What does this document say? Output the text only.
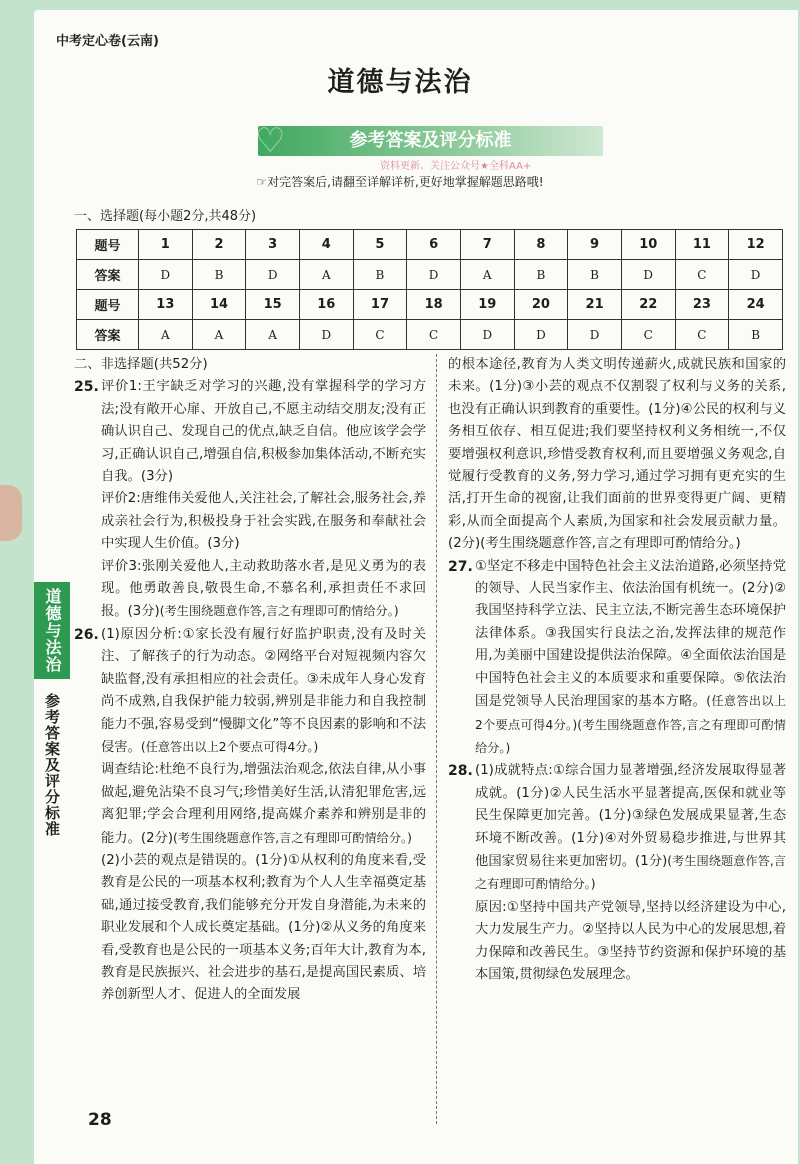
中考定心卷(云南)
道德与法治
参考答案及评分标准
♡
资料更新、关注公众号★全科AA+
☞对完答案后,请翻至详解详析,更好地掌握解题思路哦!
一、选择题(每小题2分,共48分)
题号	1	2	3	4	5	6	7	8	9	10	11	12
答案	D	B	D	A	B	D	A	B	B	D	C	D
题号	13	14	15	16	17	18	19	20	21	22	23	24
答案	A	A	A	D	C	C	D	D	D	C	C	B
二、非选择题(共52分)
25. 评价1:王宇缺乏对学习的兴趣,没有掌握科学的学习方法;没有敞开心扉、开放自己,不愿主动结交朋友;没有正确认识自己、发现自己的优点,缺乏自信。他应该学会学习,正确认识自己,增强自信,积极参加集体活动,不断充实自我。(3分)
评价2:唐维伟关爱他人,关注社会,了解社会,服务社会,养成亲社会行为,积极投身于社会实践,在服务和奉献社会中实现人生价值。(3分)
评价3:张刚关爱他人,主动救助落水者,是见义勇为的表现。他勇敢善良,敬畏生命,不慕名利,承担责任不求回报。(3分)(考生围绕题意作答,言之有理即可酌情给分。)
26. (1)原因分析:①家长没有履行好监护职责,没有及时关注、了解孩子的行为动态。②网络平台对短视频内容欠缺监督,没有承担相应的社会责任。③未成年人身心发育尚不成熟,自我保护能力较弱,辨别是非能力和自我控制能力不强,容易受到“慢脚文化”等不良因素的影响和不法侵害。(任意答出以上2个要点可得4分。)
调查结论:杜绝不良行为,增强法治观念,依法自律,从小事做起,避免沾染不良习气;珍惜美好生活,认清犯罪危害,远离犯罪;学会合理利用网络,提高媒介素养和辨别是非的能力。(2分)(考生围绕题意作答,言之有理即可酌情给分。)
(2)小芸的观点是错误的。(1分)①从权利的角度来看,受教育是公民的一项基本权利;教育为个人人生幸福奠定基础,通过接受教育,我们能够充分开发自身潜能,为未来的职业发展和个人成长奠定基础。(1分)②从义务的角度来看,受教育也是公民的一项基本义务;百年大计,教育为本,教育是民族振兴、社会进步的基石,是提高国民素质、培养创新型人才、促进人的全面发展
的根本途径,教育为人类文明传递薪火,成就民族和国家的未来。(1分)③小芸的观点不仅割裂了权利与义务的关系,也没有正确认识到教育的重要性。(1分)④公民的权利与义务相互依存、相互促进;我们要坚持权利义务相统一,不仅要增强权利意识,珍惜受教育权利,而且要增强义务观念,自觉履行受教育的义务,努力学习,通过学习拥有更充实的生活,打开生命的视窗,让我们面前的世界变得更广阔、更精彩,从而全面提高个人素质,为国家和社会发展贡献力量。(2分)(考生围绕题意作答,言之有理即可酌情给分。)
27. ①坚定不移走中国特色社会主义法治道路,必须坚持党的领导、人民当家作主、依法治国有机统一。(2分)②我国坚持科学立法、民主立法,不断完善生态环境保护法律体系。③我国实行良法之治,发挥法律的规范作用,为美丽中国建设提供法治保障。④全面依法治国是中国特色社会主义的本质要求和重要保障。⑤依法治国是党领导人民治理国家的基本方略。(任意答出以上2个要点可得4分。)(考生围绕题意作答,言之有理即可酌情给分。)
28. (1)成就特点:①综合国力显著增强,经济发展取得显著成就。(1分)②人民生活水平显著提高,医保和就业等民生保障更加完善。(1分)③绿色发展成果显著,生态环境不断改善。(1分)④对外贸易稳步推进,与世界其他国家贸易往来更加密切。(1分)(考生围绕题意作答,言之有理即可酌情给分。)
原因:①坚持中国共产党领导,坚持以经济建设为中心,大力发展生产力。②坚持以人民为中心的发展思想,着力保障和改善民生。③坚持节约资源和保护环境的基本国策,贯彻绿色发展理念。
道德与法治
参考答案及评分标准
28
